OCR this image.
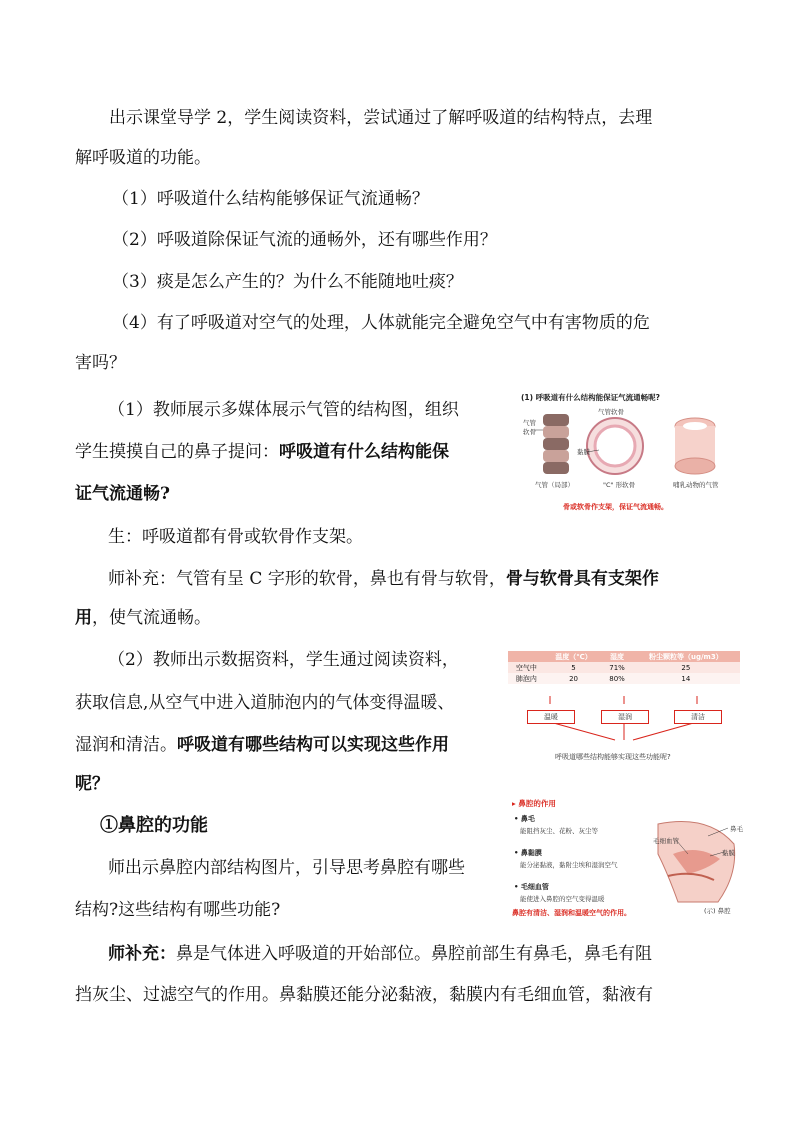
出示课堂导学 2，学生阅读资料，尝试通过了解呼吸道的结构特点，去理
解呼吸道的功能。
（1）呼吸道什么结构能够保证气流通畅？
（2）呼吸道除保证气流的通畅外，还有哪些作用？
（3）痰是怎么产生的？为什么不能随地吐痰？
（4）有了呼吸道对空气的处理，人体就能完全避免空气中有害物质的危
害吗？
（1）教师展示多媒体展示气管的结构图，组织
学生摸摸自己的鼻子提问：呼吸道有什么结构能保
证气流通畅?
生：呼吸道都有骨或软骨作支架。
师补充：气管有呈 C 字形的软骨，鼻也有骨与软骨，骨与软骨具有支架作
用，使气流通畅。
（2）教师出示数据资料，学生通过阅读资料，
获取信息,从空气中进入道肺泡内的气体变得温暖、
湿润和清洁。呼吸道有哪些结构可以实现这些作用
呢？
①鼻腔的功能
师出示鼻腔内部结构图片，引导思考鼻腔有哪些
结构?这些结构有哪些功能?
师补充：鼻是气体进入呼吸道的开始部位。鼻腔前部生有鼻毛，鼻毛有阻
挡灰尘、过滤空气的作用。鼻黏膜还能分泌黏液，黏膜内有毛细血管，黏液有
(1) 呼吸道有什么结构能保证气流通畅呢?
气管
软骨
气管软骨
黏膜
气管（局部）	"C" 形软骨	哺乳动物的气管
骨或软骨作支架，保证气流通畅。
	温度（℃）	湿度	粉尘颗粒等（ug/m3）
空气中	5	71%	25
肺泡内	20	80%	14
温暖	湿润	清洁
呼吸道哪些结构能够实现这些功能呢?
▸ 鼻腔的作用
• 鼻毛
能阻挡灰尘、花粉、灰尘等
• 鼻黏膜
能分泌黏液，黏附尘埃和湿润空气
• 毛细血管
能使进入鼻腔的空气变得温暖
鼻腔有清洁、湿润和温暖空气的作用。
鼻毛
毛细血管
黏膜
(示) 鼻腔
